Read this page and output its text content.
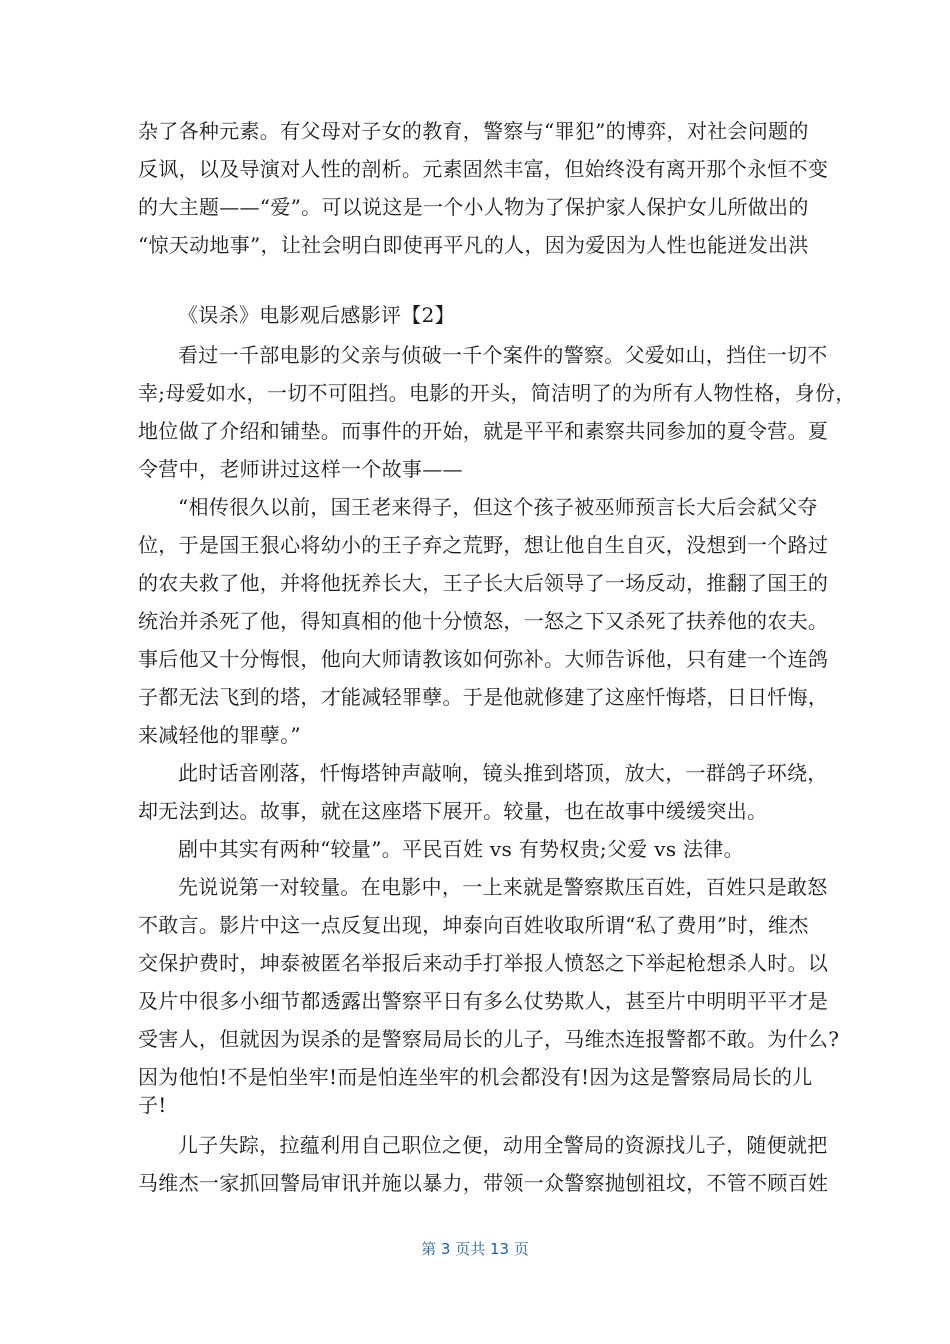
杂了各种元素。有父母对子女的教育，警察与“罪犯”的博弈，对社会问题的
反讽，以及导演对人性的剖析。元素固然丰富，但始终没有离开那个永恒不变
的大主题——“爱”。可以说这是一个小人物为了保护家人保护女儿所做出的
“惊天动地事”，让社会明白即使再平凡的人，因为爱因为人性也能迸发出洪
《误杀》电影观后感影评【2】
看过一千部电影的父亲与侦破一千个案件的警察。父爱如山，挡住一切不
幸;母爱如水，一切不可阻挡。电影的开头，简洁明了的为所有人物性格，身份，
地位做了介绍和铺垫。而事件的开始，就是平平和素察共同参加的夏令营。夏
令营中，老师讲过这样一个故事——
“相传很久以前，国王老来得子，但这个孩子被巫师预言长大后会弑父夺
位，于是国王狠心将幼小的王子弃之荒野，想让他自生自灭，没想到一个路过
的农夫救了他，并将他抚养长大，王子长大后领导了一场反动，推翻了国王的
统治并杀死了他，得知真相的他十分愤怒，一怒之下又杀死了扶养他的农夫。
事后他又十分悔恨，他向大师请教该如何弥补。大师告诉他，只有建一个连鸽
子都无法飞到的塔，才能减轻罪孽。于是他就修建了这座忏悔塔，日日忏悔，
来减轻他的罪孽。”
此时话音刚落，忏悔塔钟声敲响，镜头推到塔顶，放大，一群鸽子环绕，
却无法到达。故事，就在这座塔下展开。较量，也在故事中缓缓突出。
剧中其实有两种“较量”。平民百姓 vs 有势权贵;父爱 vs 法律。
先说说第一对较量。在电影中，一上来就是警察欺压百姓，百姓只是敢怒
不敢言。影片中这一点反复出现，坤泰向百姓收取所谓“私了费用”时，维杰
交保护费时，坤泰被匿名举报后来动手打举报人愤怒之下举起枪想杀人时。以
及片中很多小细节都透露出警察平日有多么仗势欺人，甚至片中明明平平才是
受害人，但就因为误杀的是警察局局长的儿子，马维杰连报警都不敢。为什么?
因为他怕!不是怕坐牢!而是怕连坐牢的机会都没有!因为这是警察局局长的儿
子!
儿子失踪，拉蕴利用自己职位之便，动用全警局的资源找儿子，随便就把
马维杰一家抓回警局审讯并施以暴力，带领一众警察抛刨祖坟，不管不顾百姓
第 3 页共 13 页
